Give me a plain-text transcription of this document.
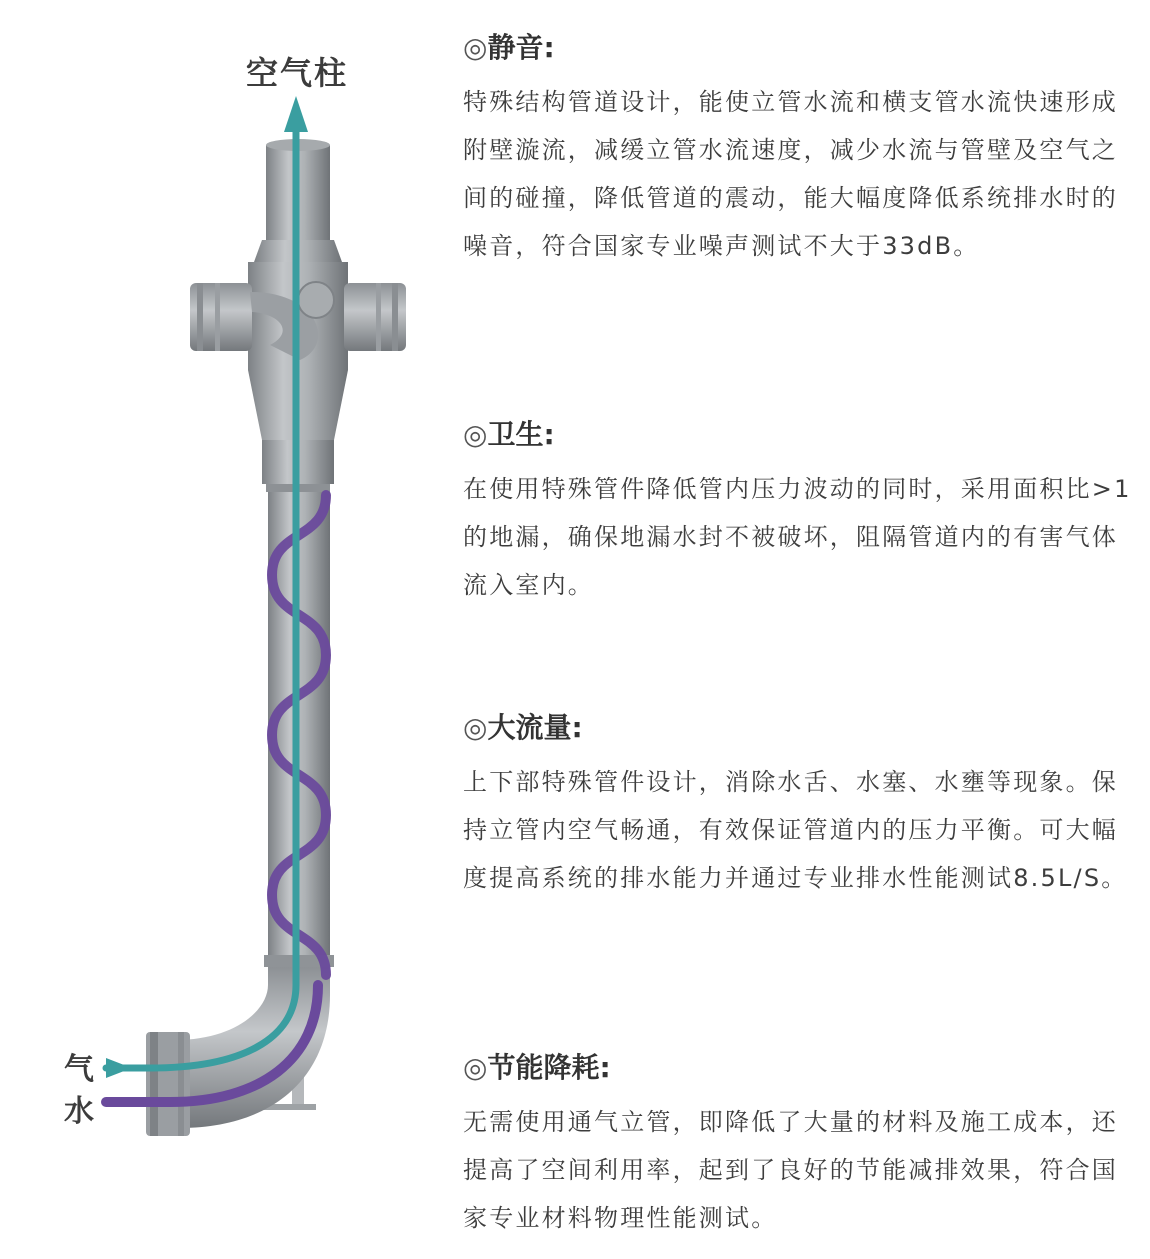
空气柱
气
水
◎静音:
特殊结构管道设计，能使立管水流和横支管水流快速形成附壁漩流，减缓立管水流速度，减少水流与管壁及空气之间的碰撞，降低管道的震动，能大幅度降低系统排水时的噪音，符合国家专业噪声测试不大于33dB。
◎卫生:
在使用特殊管件降低管内压力波动的同时，采用面积比>1的地漏，确保地漏水封不被破坏，阻隔管道内的有害气体流入室内。
◎大流量:
上下部特殊管件设计，消除水舌、水塞、水壅等现象。保持立管内空气畅通，有效保证管道内的压力平衡。可大幅度提高系统的排水能力并通过专业排水性能测试8.5L/S。
◎节能降耗:
无需使用通气立管，即降低了大量的材料及施工成本，还提高了空间利用率，起到了良好的节能减排效果，符合国家专业材料物理性能测试。
